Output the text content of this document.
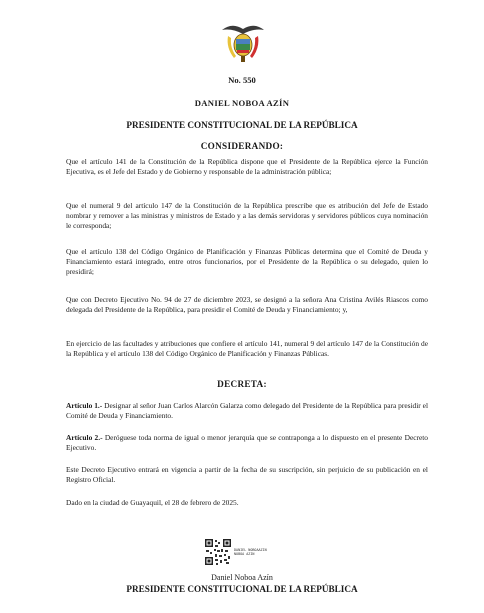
No. 550
DANIEL NOBOA AZÍN
PRESIDENTE CONSTITUCIONAL DE LA REPÚBLICA
CONSIDERANDO:
Que el artículo 141 de la Constitución de la República dispone que el Presidente de la República ejerce la Función Ejecutiva, es el Jefe del Estado y de Gobierno y responsable de la administración pública;
Que el numeral 9 del artículo 147 de la Constitución de la República prescribe que es atribución del Jefe de Estado nombrar y remover a las ministras y ministros de Estado y a las demás servidoras y servidores públicos cuya nominación le corresponda;
Que el artículo 138 del Código Orgánico de Planificación y Finanzas Públicas determina que el Comité de Deuda y Financiamiento estará integrado, entre otros funcionarios, por el Presidente de la República o su delegado, quien lo presidirá;
Que con Decreto Ejecutivo No. 94 de 27 de diciembre 2023, se designó a la señora Ana Cristina Avilés Riascos como delegada del Presidente de la República, para presidir el Comité de Deuda y Financiamiento; y,
En ejercicio de las facultades y atribuciones que confiere el artículo 141, numeral 9 del artículo 147 de la Constitución de la República y el artículo 138 del Código Orgánico de Planificación y Finanzas Públicas.
DECRETA:
Artículo 1.- Designar al señor Juan Carlos Alarcón Galarza como delegado del Presidente de la República para presidir el Comité de Deuda y Financiamiento.
Artículo 2.- Deróguese toda norma de igual o menor jerarquía que se contraponga a lo dispuesto en el presente Decreto Ejecutivo.
Este Decreto Ejecutivo entrará en vigencia a partir de la fecha de su suscripción, sin perjuicio de su publicación en el Registro Oficial.
Dado en la ciudad de Guayaquil, el 28 de febrero de 2025.
DANIEL NOBOAAZIN
NOBOA AZIN
Daniel Noboa Azín
PRESIDENTE CONSTITUCIONAL DE LA REPÚBLICA
